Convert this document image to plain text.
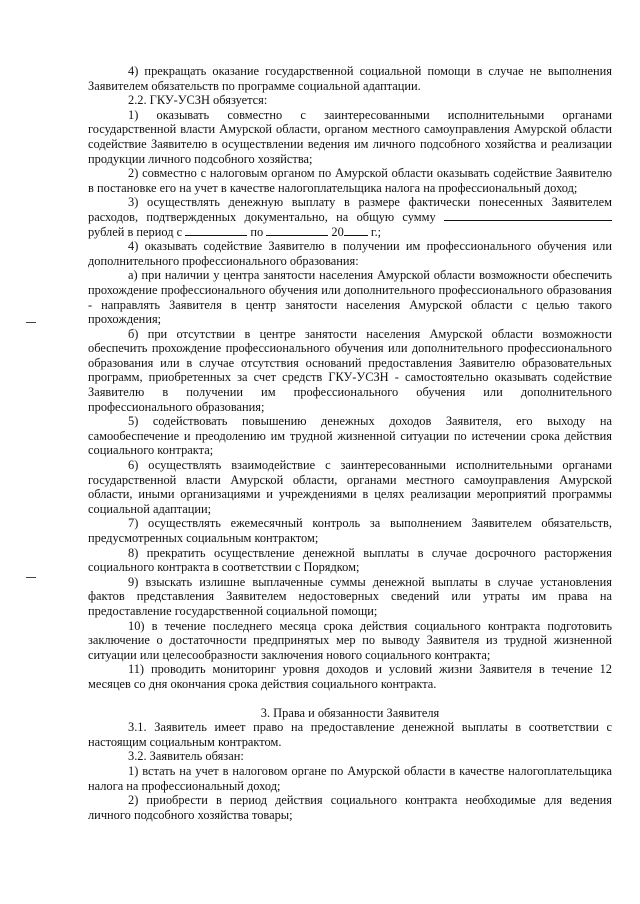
4) прекращать оказание государственной социальной помощи в случае не выполнения Заявителем обязательств по программе социальной адаптации.

2.2. ГКУ-УСЗН обязуется:

1) оказывать совместно с заинтересованными исполнительными органами государственной власти Амурской области, органом местного самоуправления Амурской области содействие Заявителю в осуществлении ведения им личного подсобного хозяйства и реализации продукции личного подсобного хозяйства;

2) совместно с налоговым органом по Амурской области оказывать содействие Заявителю в постановке его на учет в качестве налогоплательщика налога на профессиональный доход;

3) осуществлять денежную выплату в размере фактически понесенных Заявителем расходов, подтвержденных документально, на общую сумму  рублей в период с	по	20 г.;

4) оказывать содействие Заявителю в получении им профессионального обучения или дополнительного профессионального образования:

а) при наличии у центра занятости населения Амурской области возможности обеспечить прохождение профессионального обучения или дополнительного профессионального образования - направлять Заявителя в центр занятости населения Амурской области с целью такого прохождения;

б) при отсутствии в центре занятости населения Амурской области возможности обеспечить прохождение профессионального обучения или дополнительного профессионального образования или в случае отсутствия оснований предоставления Заявителю образовательных программ, приобретенных за счет средств ГКУ-УСЗН - самостоятельно оказывать содействие Заявителю в получении им профессионального обучения или дополнительного профессионального образования;

5) содействовать повышению денежных доходов Заявителя, его выходу на самообеспечение и преодолению им трудной жизненной ситуации по истечении срока действия социального контракта;

6) осуществлять взаимодействие с заинтересованными исполнительными органами государственной власти Амурской области, органами местного самоуправления Амурской области, иными организациями и учреждениями в целях реализации мероприятий программы социальной адаптации;

7) осуществлять ежемесячный контроль за выполнением Заявителем обязательств, предусмотренных социальным контрактом;

8) прекратить осуществление денежной выплаты в случае досрочного расторжения социального контракта в соответствии с Порядком;

9) взыскать излишне выплаченные суммы денежной выплаты в случае установления фактов представления Заявителем недостоверных сведений или утраты им права на предоставление государственной социальной помощи;

10) в течение последнего месяца срока действия социального контракта подготовить заключение о достаточности предпринятых мер по выводу Заявителя из трудной жизненной ситуации или целесообразности заключения нового социального контракта;

11) проводить мониторинг уровня доходов и условий жизни Заявителя в течение 12 месяцев со дня окончания срока действия социального контракта.

3. Права и обязанности Заявителя

3.1. Заявитель имеет право на предоставление денежной выплаты в соответствии с настоящим социальным контрактом.

3.2. Заявитель обязан:

1) встать на учет в налоговом органе по Амурской области в качестве налогоплательщика налога на профессиональный доход;

2) приобрести в период действия социального контракта необходимые для ведения личного подсобного хозяйства товары;
